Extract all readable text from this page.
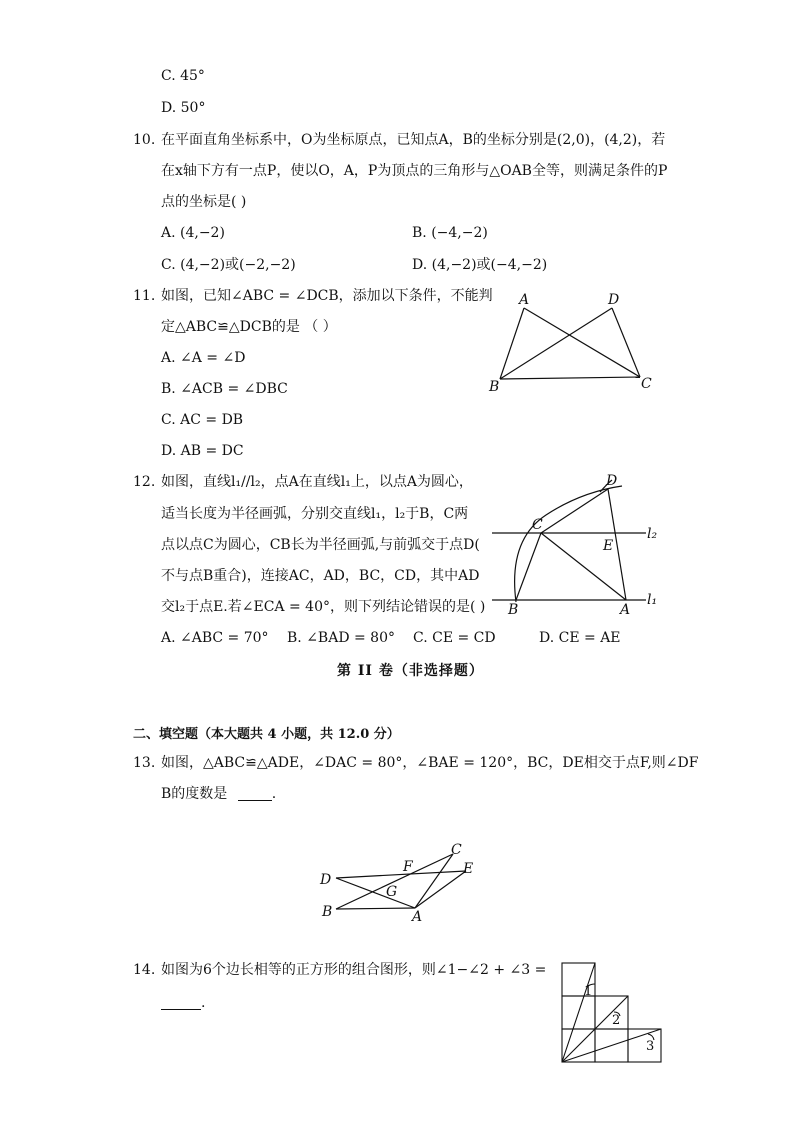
C. 45°
D. 50°
10. 在平面直角坐标系中，O为坐标原点，已知点A，B的坐标分别是(2,0)，(4,2)，若
在x轴下方有一点P，使以O，A，P为顶点的三角形与△OAB全等，则满足条件的P
点的坐标是( )
A. (4,−2)	B. (−4,−2)
C. (4,−2)或(−2,−2)	D. (4,−2)或(−4,−2)
11. 如图，已知∠ABC = ∠DCB，添加以下条件，不能判
定△ABC≌△DCB的是 （ ）
A. ∠A = ∠D
B. ∠ACB = ∠DBC
C. AC = DB
D. AB = DC
A	D
B	C
12. 如图，直线l₁//l₂，点A在直线l₁上，以点A为圆心，
适当长度为半径画弧，分别交直线l₁，l₂于B，C两
点以点C为圆心，CB长为半径画弧,与前弧交于点D(
不与点B重合)，连接AC，AD，BC，CD，其中AD
交l₂于点E.若∠ECA = 40°，则下列结论错误的是( )
A. ∠ABC = 70° B. ∠BAD = 80° C. CE = CD	D. CE = AE
D
C
E
B	A
l₂
l₁
第 II 卷（非选择题）
二、填空题（本大题共 4 小题，共 12.0 分）
13. 如图，△ABC≌△ADE，∠DAC = 80°，∠BAE = 120°，BC，DE相交于点F,则∠DF
B的度数是	.
C
F	E
D
G
B	A
14. 如图为6个边长相等的正方形的组合图形，则∠1−∠2 + ∠3 =
.
1
2
3
